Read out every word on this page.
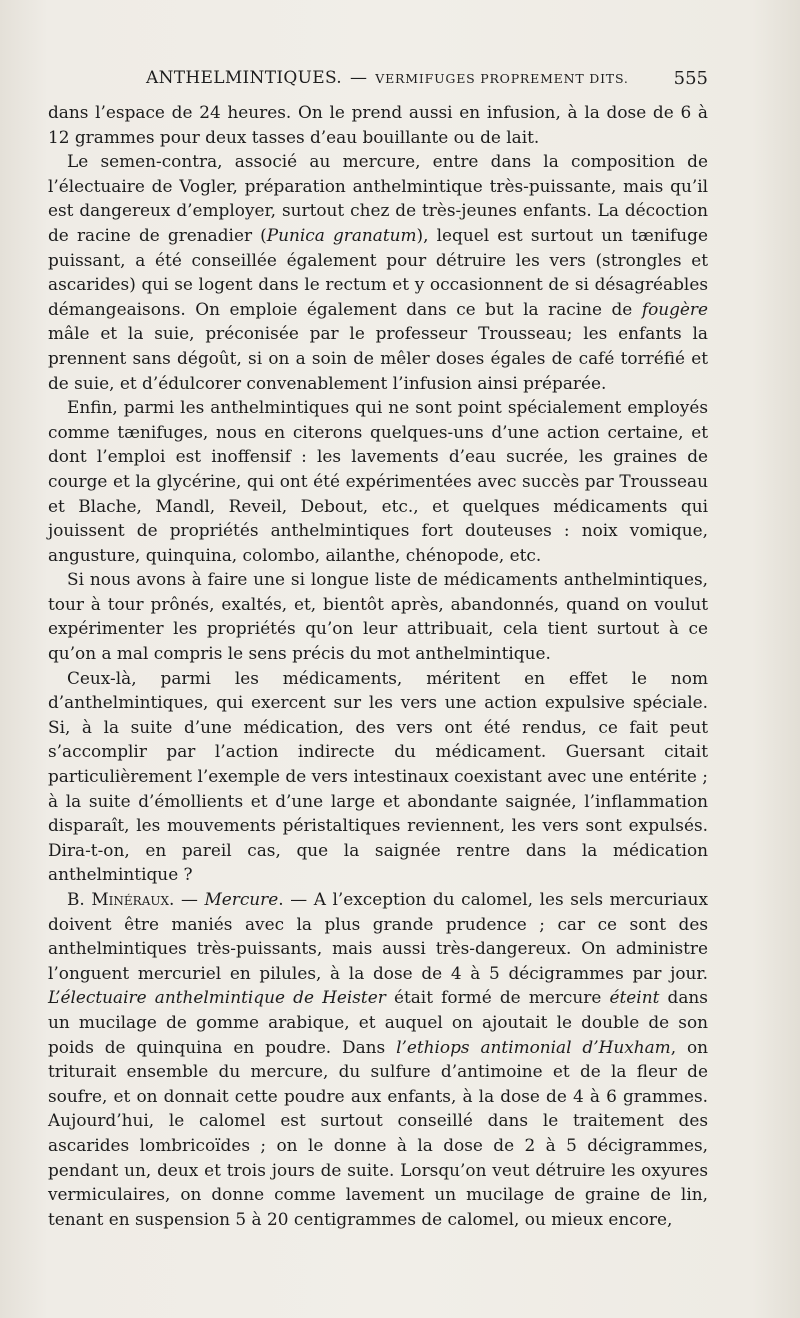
ANTHELMINTIQUES. — VERMIFUGES PROPREMENT DITS.	555

dans l’espace de 24 heures. On le prend aussi en infusion, à la dose de 6 à 12 grammes pour deux tasses d’eau bouillante ou de lait.

Le semen-contra, associé au mercure, entre dans la composition de l’électuaire de Vogler, préparation anthelmintique très-puissante, mais qu’il est dangereux d’employer, surtout chez de très-jeunes enfants. La décoction de racine de grenadier (Punica granatum), lequel est surtout un tænifuge puissant, a été conseillée également pour détruire les vers (strongles et ascarides) qui se logent dans le rectum et y occasionnent de si désagréables démangeaisons. On emploie également dans ce but la racine de fougère mâle et la suie, préconisée par le professeur Trousseau; les enfants la prennent sans dégoût, si on a soin de mêler doses égales de café torréfié et de suie, et d’édulcorer convenablement l’infusion ainsi préparée.

Enfin, parmi les anthelmintiques qui ne sont point spécialement employés comme tænifuges, nous en citerons quelques-uns d’une action certaine, et dont l’emploi est inoffensif : les lavements d’eau sucrée, les graines de courge et la glycérine, qui ont été expérimentées avec succès par Trousseau et Blache, Mandl, Reveil, Debout, etc., et quelques médicaments qui jouissent de propriétés anthelmintiques fort douteuses : noix vomique, angusture, quinquina, colombo, ailanthe, chénopode, etc.

Si nous avons à faire une si longue liste de médicaments anthelmintiques, tour à tour prônés, exaltés, et, bientôt après, abandonnés, quand on voulut expérimenter les propriétés qu’on leur attribuait, cela tient surtout à ce qu’on a mal compris le sens précis du mot anthelmintique.

Ceux-là, parmi les médicaments, méritent en effet le nom d’anthelmintiques, qui exercent sur les vers une action expulsive spéciale. Si, à la suite d’une médication, des vers ont été rendus, ce fait peut s’accomplir par l’action indirecte du médicament. Guersant citait particulièrement l’exemple de vers intestinaux coexistant avec une entérite ; à la suite d’émollients et d’une large et abondante saignée, l’inflammation disparaît, les mouvements péristaltiques reviennent, les vers sont expulsés. Dira-t-on, en pareil cas, que la saignée rentre dans la médication anthelmintique ?

B. Minéraux. — Mercure. — A l’exception du calomel, les sels mercuriaux doivent être maniés avec la plus grande prudence ; car ce sont des anthelmintiques très-puissants, mais aussi très-dangereux. On administre l’onguent mercuriel en pilules, à la dose de 4 à 5 décigrammes par jour. L’électuaire anthelmintique de Heister était formé de mercure éteint dans un mucilage de gomme arabique, et auquel on ajoutait le double de son poids de quinquina en poudre. Dans l’ethiops antimonial d’Huxham, on triturait ensemble du mercure, du sulfure d’antimoine et de la fleur de soufre, et on donnait cette poudre aux enfants, à la dose de 4 à 6 grammes. Aujourd’hui, le calomel est surtout conseillé dans le traitement des ascarides lombricoïdes ; on le donne à la dose de 2 à 5 décigrammes, pendant un, deux et trois jours de suite. Lorsqu’on veut détruire les oxyures vermiculaires, on donne comme lavement un mucilage de graine de lin, tenant en suspension 5 à 20 centigrammes de calomel, ou mieux encore,
